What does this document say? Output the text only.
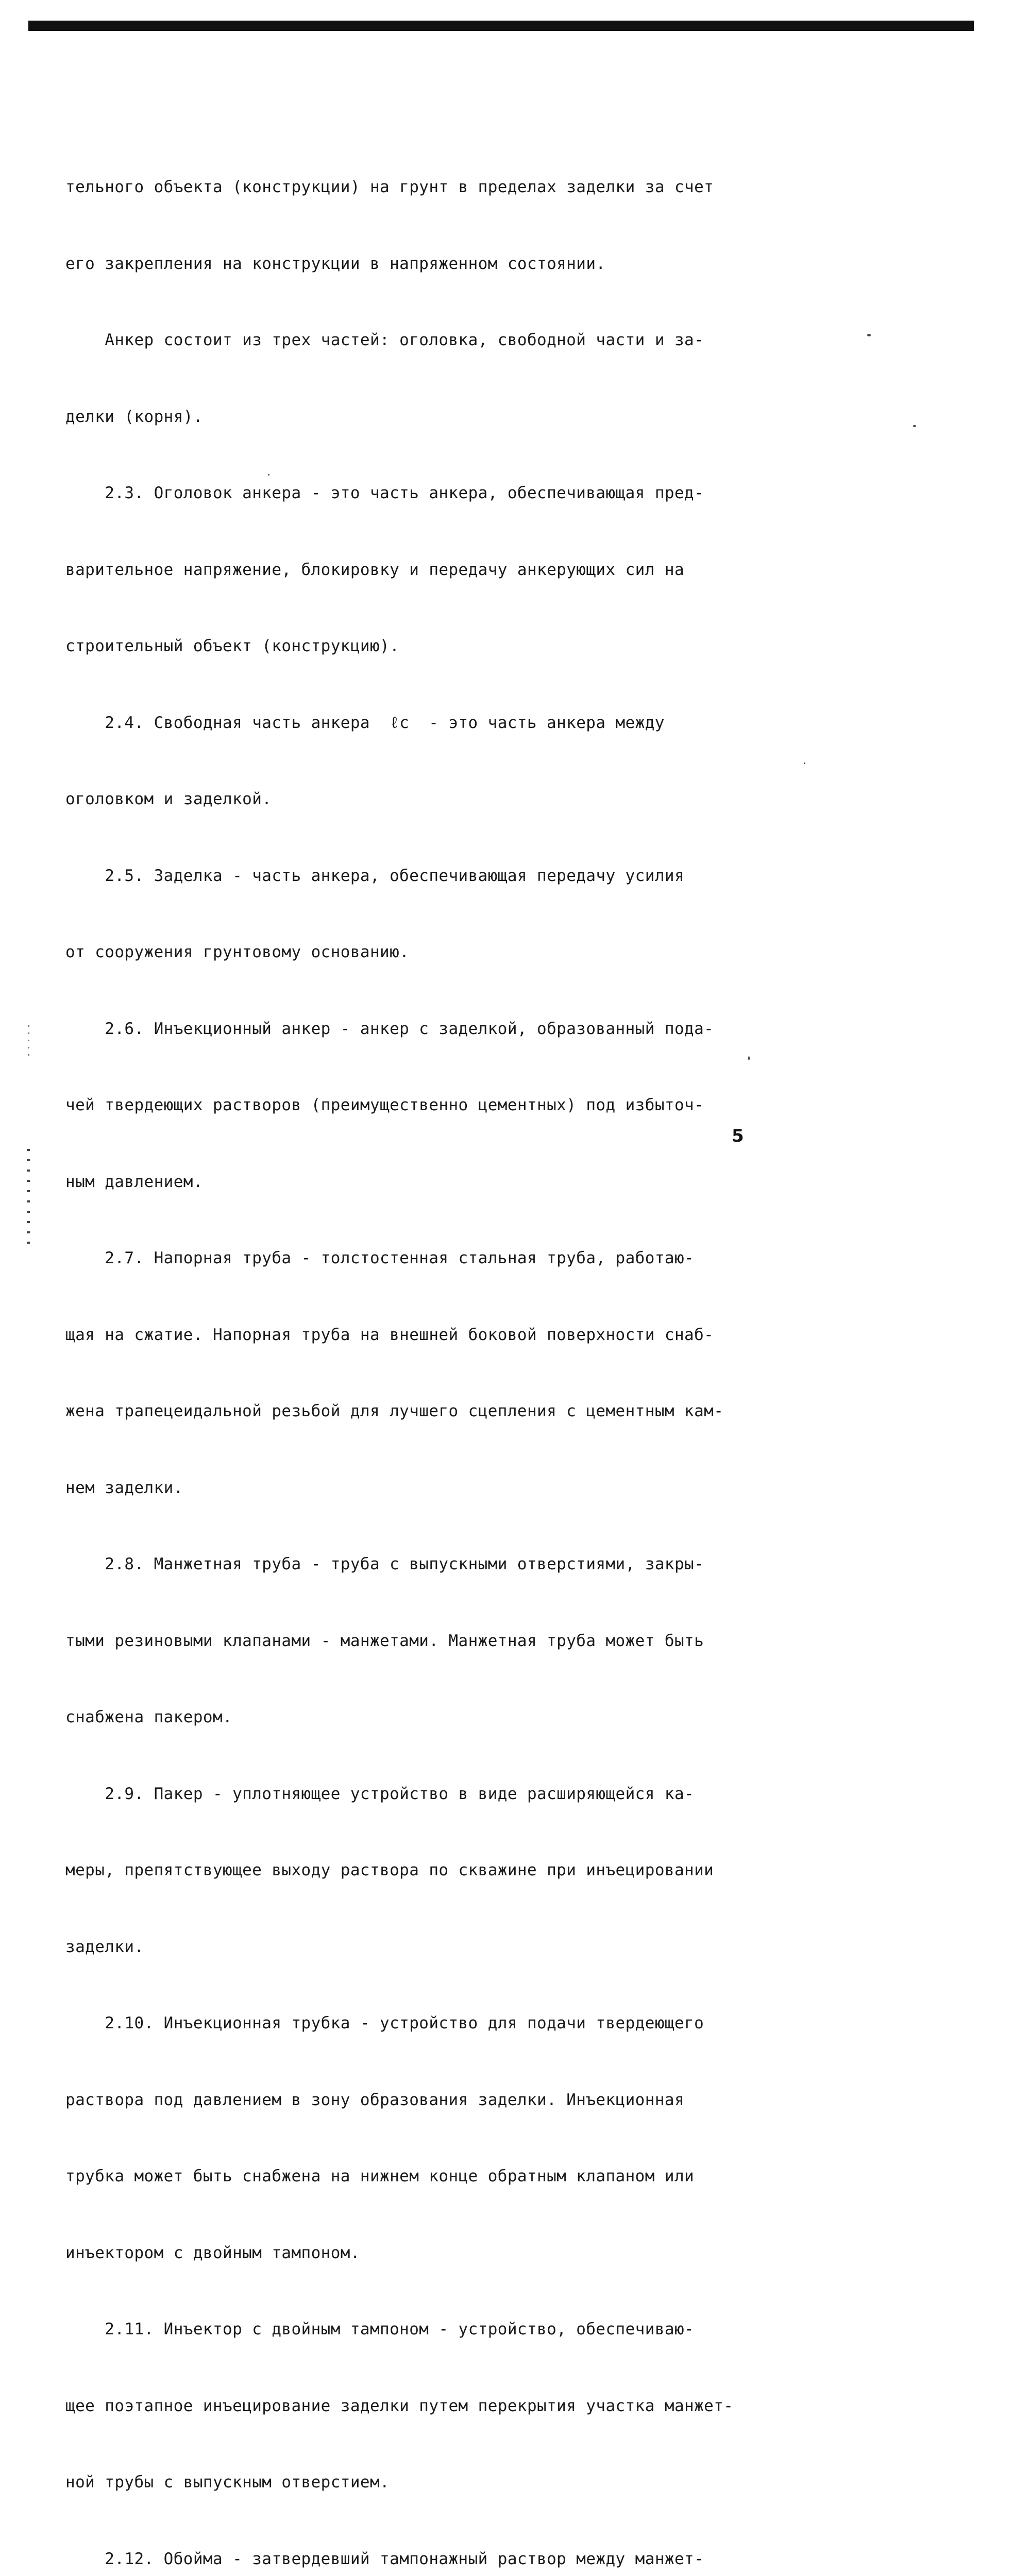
тельного объекта (конструкции) на грунт в пределах заделки за счет

его закрепления на конструкции в напряженном состоянии.

Анкер состоит из трех частей: оголовка, свободной части и за-

делки (корня).

2.3. Оголовок анкера - это часть анкера, обеспечивающая пред-

варительное напряжение, блокировку и передачу анкерующих сил на

строительный объект (конструкцию).

2.4. Свободная часть анкера  ℓс  - это часть анкера между

оголовком и заделкой.

2.5. Заделка - часть анкера, обеспечивающая передачу усилия

от сооружения грунтовому основанию.

2.6. Инъекционный анкер - анкер с заделкой, образованный пода-

чей твердеющих растворов (преимущественно цементных) под избыточ-

ным давлением.

2.7. Напорная труба - толстостенная стальная труба, работаю-

щая на сжатие. Напорная труба на внешней боковой поверхности снаб-

жена трапецеидальной резьбой для лучшего сцепления с цементным кам-

нем заделки.

2.8. Манжетная труба - труба с выпускными отверстиями, закры-

тыми резиновыми клапанами - манжетами. Манжетная труба может быть

снабжена пакером.

2.9. Пакер - уплотняющее устройство в виде расширяющейся ка-

меры, препятствующее выходу раствора по скважине при инъецировании

заделки.

2.10. Инъекционная трубка - устройство для подачи твердеющего

раствора под давлением в зону образования заделки. Инъекционная

трубка может быть снабжена на нижнем конце обратным клапаном или

инъектором с двойным тампоном.

2.11. Инъектор с двойным тампоном - устройство, обеспечиваю-

щее поэтапное инъецирование заделки путем перекрытия участка манжет-

ной трубы с выпускным отверстием.

2.12. Обойма - затвердевший тампонажный раствор между манжет-

5
